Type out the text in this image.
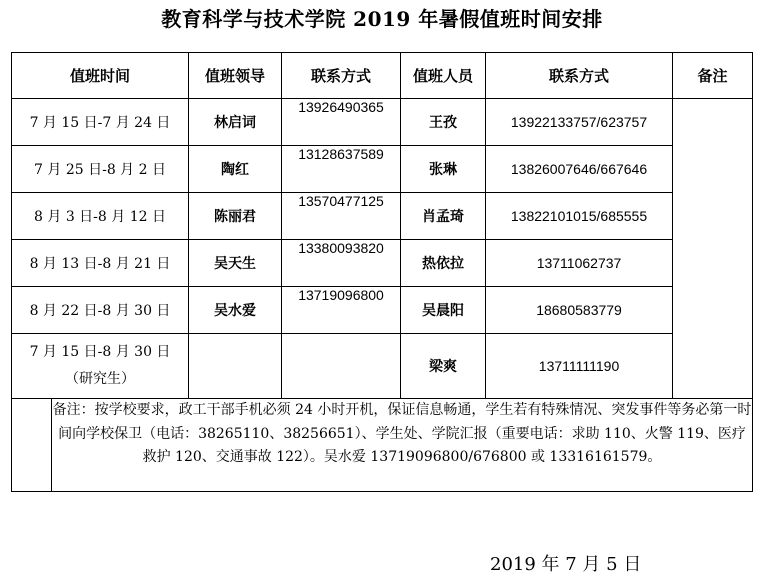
教育科学与技术学院 2019 年暑假值班时间安排
值班时间		值班领导	联系方式	值班人员	联系方式	备注
7 月 15 日-7 月 24 日		林启词	13926490365	王孜	13922133757/623757	
7 月 25 日-8 月 2 日		陶红	13128637589	张琳	13826007646/667646	
8 月 3 日-8 月 12 日		陈丽君	13570477125	肖孟琦	13822101015/685555	
8 月 13 日-8 月 21 日		吴天生	13380093820	热依拉	13711062737	
8 月 22 日-8 月 30 日		吴水爱	13719096800	吴晨阳	18680583779	

7 月 15 日-8 月 30 日
（研究生）				梁爽	13711111190	
	备注：按学校要求，政工干部手机必须 24 小时开机，保证信息畅通，学生若有特殊情况、突发事件等务必第一时间向学校保卫（电话：38265110、38256651）、学生处、学院汇报（重要电话：求助 110、火警 119、医疗救护 120、交通事故 122）。吴水爱 13719096800/676800 或 13316161579。					
2019 年 7 月 5 日
